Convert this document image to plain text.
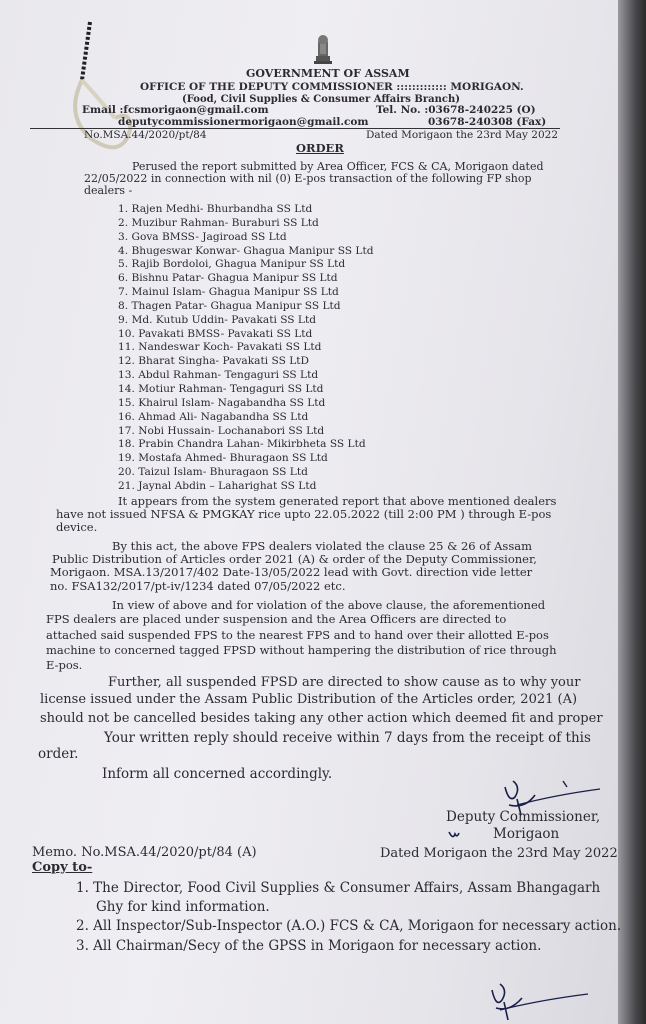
GOVERNMENT OF ASSAM
OFFICE OF THE DEPUTY COMMISSIONER ::::::::::::: MORIGAON.
(Food, Civil Supplies & Consumer Affairs Branch)
Email :fcsmorigaon@gmail.com	Tel. No. :03678-240225 (O)
deputycommissionermorigaon@gmail.com	03678-240308 (Fax)
No.MSA.44/2020/pt/84	Dated Morigaon the 23rd May 2022
ORDER
Perused the report submitted by Area Officer, FCS & CA, Morigaon dated
22/05/2022 in connection with nil (0) E-pos transaction of the following FP shop
dealers -
1. Rajen Medhi- Bhurbandha SS Ltd
2. Muzibur Rahman- Buraburi SS Ltd
3. Gova BMSS- Jagiroad SS Ltd
4. Bhugeswar Konwar- Ghagua Manipur SS Ltd
5. Rajib Bordoloi, Ghagua Manipur SS Ltd
6. Bishnu Patar- Ghagua Manipur SS Ltd
7. Mainul Islam- Ghagua Manipur SS Ltd
8. Thagen Patar- Ghagua Manipur SS Ltd
9. Md. Kutub Uddin- Pavakati SS Ltd
10. Pavakati BMSS- Pavakati SS Ltd
11. Nandeswar Koch- Pavakati SS Ltd
12. Bharat Singha- Pavakati SS LtD
13. Abdul Rahman- Tengaguri SS Ltd
14. Motiur Rahman- Tengaguri SS Ltd
15. Khairul Islam- Nagabandha SS Ltd
16. Ahmad Ali- Nagabandha SS Ltd
17. Nobi Hussain- Lochanabori SS Ltd
18. Prabin Chandra Lahan- Mikirbheta SS Ltd
19. Mostafa Ahmed- Bhuragaon SS Ltd
20. Taizul Islam- Bhuragaon SS Ltd
21. Jaynal Abdin – Laharighat SS Ltd
It appears from the system generated report that above mentioned dealers
have not issued NFSA & PMGKAY rice upto 22.05.2022 (till 2:00 PM ) through E-pos
device.
By this act, the above FPS dealers violated the clause 25 & 26 of Assam
Public Distribution of Articles order 2021 (A) & order of the Deputy Commissioner,
Morigaon. MSA.13/2017/402 Date-13/05/2022 lead with Govt. direction vide letter
no. FSA132/2017/pt-iv/1234 dated 07/05/2022 etc.
In view of above and for violation of the above clause, the aforementioned
FPS dealers are placed under suspension and the Area Officers are directed to
attached said suspended FPS to the nearest FPS and to hand over their allotted E-pos
machine to concerned tagged FPSD without hampering the distribution of rice through
E-pos.
Further, all suspended FPSD are directed to show cause as to why your
license issued under the Assam Public Distribution of the Articles order, 2021 (A)
should not be cancelled besides taking any other action which deemed fit and proper
Your written reply should receive within 7 days from the receipt of this
order.
Inform all concerned accordingly.
Deputy Commissioner,
Morigaon
Memo. No.MSA.44/2020/pt/84 (A)	Dated Morigaon the 23rd May 2022
Copy to-
1. The Director, Food Civil Supplies & Consumer Affairs, Assam Bhangagarh
Ghy for kind information.
2. All Inspector/Sub-Inspector (A.O.) FCS & CA, Morigaon for necessary action.
3. All Chairman/Secy of the GPSS in Morigaon for necessary action.
